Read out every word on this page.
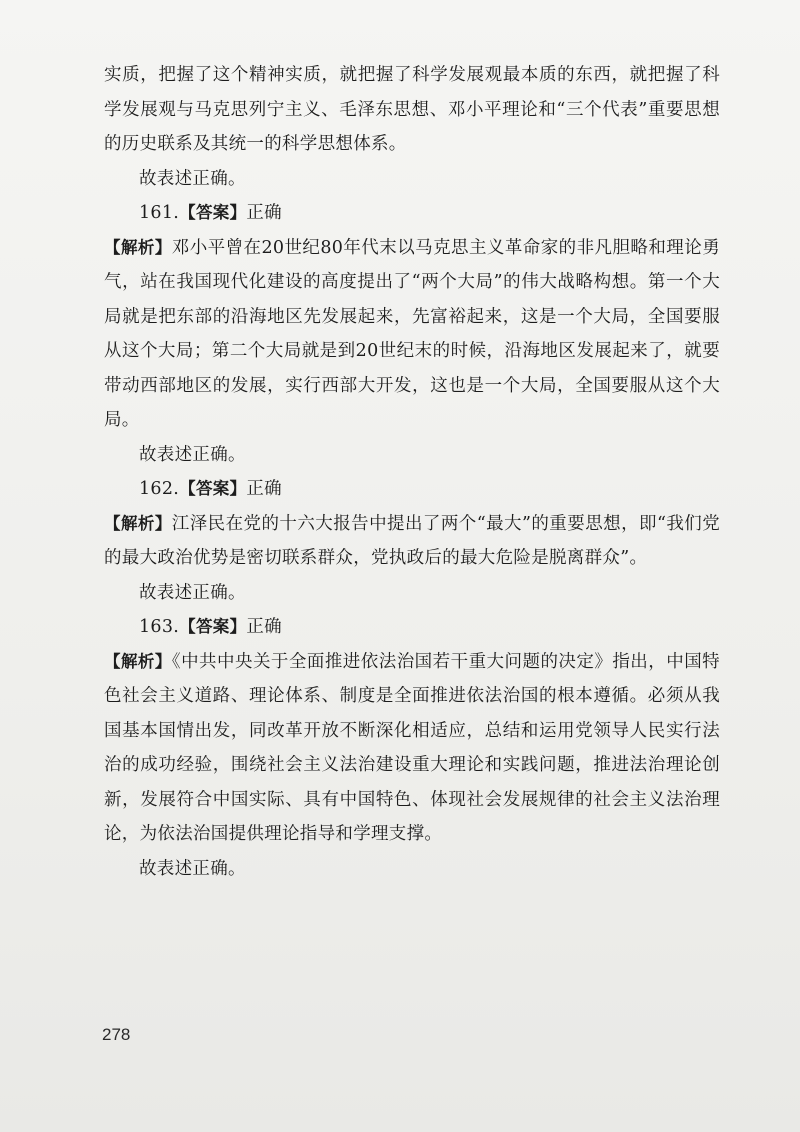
实质，把握了这个精神实质，就把握了科学发展观最本质的东西，就把握了科学发展观与马克思列宁主义、毛泽东思想、邓小平理论和“三个代表”重要思想的历史联系及其统一的科学思想体系。

故表述正确。

161.【答案】正确

【解析】邓小平曾在20世纪80年代末以马克思主义革命家的非凡胆略和理论勇气，站在我国现代化建设的高度提出了“两个大局”的伟大战略构想。第一个大局就是把东部的沿海地区先发展起来，先富裕起来，这是一个大局，全国要服从这个大局；第二个大局就是到20世纪末的时候，沿海地区发展起来了，就要带动西部地区的发展，实行西部大开发，这也是一个大局，全国要服从这个大局。

故表述正确。

162.【答案】正确

【解析】江泽民在党的十六大报告中提出了两个“最大”的重要思想，即“我们党的最大政治优势是密切联系群众，党执政后的最大危险是脱离群众”。

故表述正确。

163.【答案】正确

【解析】《中共中央关于全面推进依法治国若干重大问题的决定》指出，中国特色社会主义道路、理论体系、制度是全面推进依法治国的根本遵循。必须从我国基本国情出发，同改革开放不断深化相适应，总结和运用党领导人民实行法治的成功经验，围绕社会主义法治建设重大理论和实践问题，推进法治理论创新，发展符合中国实际、具有中国特色、体现社会发展规律的社会主义法治理论，为依法治国提供理论指导和学理支撑。

故表述正确。

278
